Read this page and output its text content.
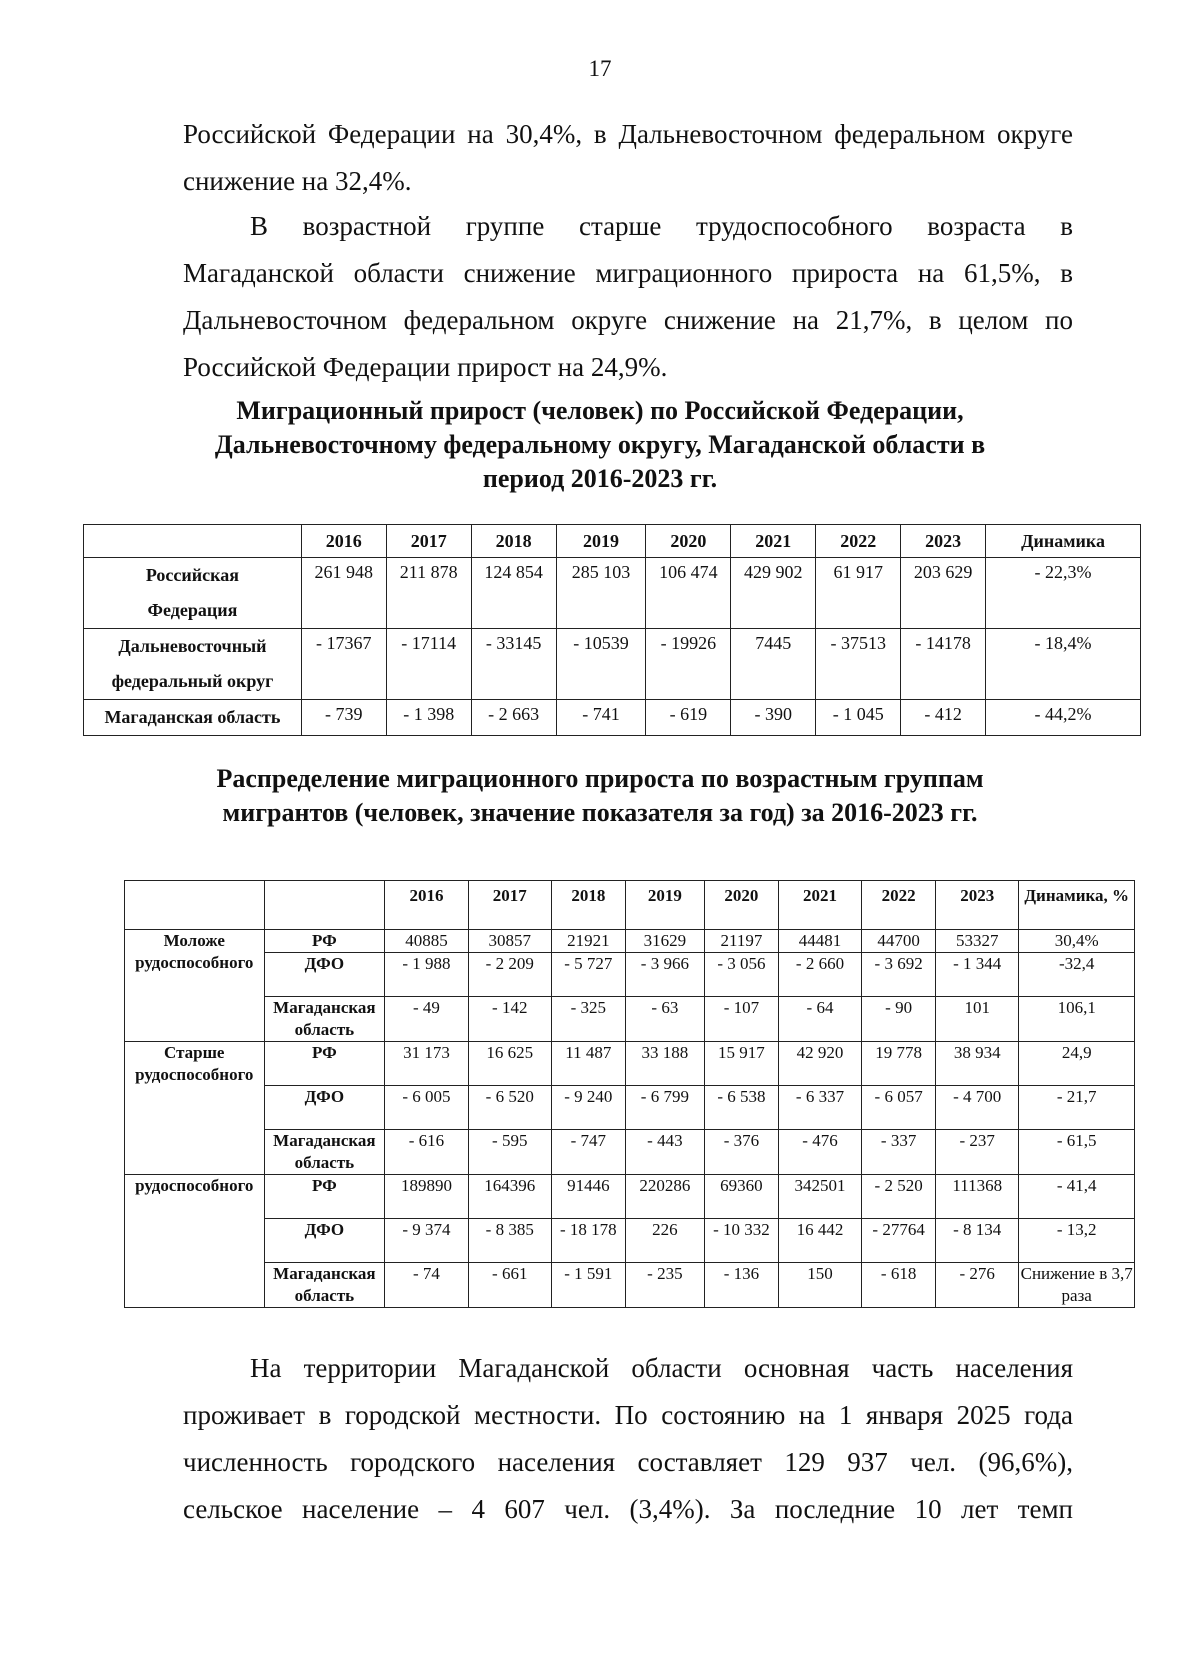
17
Российской Федерации на 30,4%, в Дальневосточном федеральном округе
снижение на 32,4%.
В возрастной группе старше трудоспособного возраста в
Магаданской области снижение миграционного прироста на 61,5%, в
Дальневосточном федеральном округе снижение на 21,7%, в целом по
Российской Федерации прирост на 24,9%.
Миграционный прирост (человек) по Российской Федерации,
Дальневосточному федеральному округу, Магаданской области в
период 2016-2023 гг.
	2016	2017	2018	2019	2020	2021	2022	2023	Динамика

Российская
Федерация	261 948	211 878	124 854	285 103	106 474	429 902	61 917	203 629	- 22,3%

Дальневосточный
федеральный округ	- 17367	- 17114	- 33145	- 10539	- 19926	7445	- 37513	- 14178	- 18,4%

Магаданская область	- 739	- 1 398	- 2 663	- 741	- 619	- 390	- 1 045	- 412	- 44,2%
Распределение миграционного прироста по возрастным группам
мигрантов (человек, значение показателя за год) за 2016-2023 гг.
		2016	2017	2018	2019	2020	2021	2022	2023	Динамика, %
Моложе рудоспособного	РФ	40885	30857	21921	31629	21197	44481	44700	53327	30,4%
	ДФО	- 1 988	- 2 209	- 5 727	- 3 966	- 3 056	- 2 660	- 3 692	- 1 344	-32,4
	Магаданская область	- 49	- 142	- 325	- 63	- 107	- 64	- 90	101	106,1
Старше рудоспособного	РФ	31 173	16 625	11 487	33 188	15 917	42 920	19 778	38 934	24,9
	ДФО	- 6 005	- 6 520	- 9 240	- 6 799	- 6 538	- 6 337	- 6 057	- 4 700	- 21,7
	Магаданская область	- 616	- 595	- 747	- 443	- 376	- 476	- 337	- 237	- 61,5
рудоспособного	РФ	189890	164396	91446	220286	69360	342501	- 2 520	111368	- 41,4
	ДФО	- 9 374	- 8 385	- 18 178	226	- 10 332	16 442	- 27764	- 8 134	- 13,2
	Магаданская область	- 74	- 661	- 1 591	- 235	- 136	150	- 618	- 276	Снижение в 3,7 раза
На территории Магаданской области основная часть населения
проживает в городской местности. По состоянию на 1 января 2025 года
численность городского населения составляет 129 937 чел. (96,6%),
сельское население – 4 607 чел. (3,4%). За последние 10 лет темп
